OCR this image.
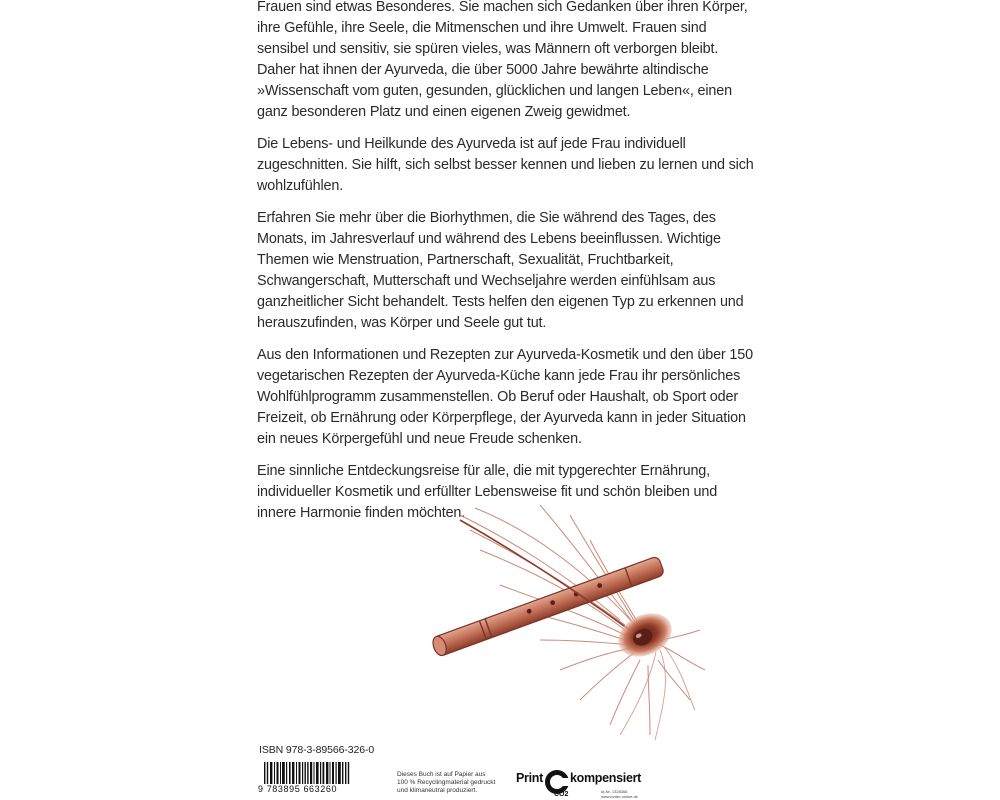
Frauen sind etwas Besonderes. Sie machen sich Gedanken über ihren Körper, ihre Gefühle, ihre Seele, die Mitmenschen und ihre Umwelt. Frauen sind sensibel und sensitiv, sie spüren vieles, was Männern oft verborgen bleibt. Daher hat ihnen der Ayurveda, die über 5000 Jahre bewährte altindische »Wissenschaft vom guten, gesunden, glücklichen und langen Leben«, einen ganz besonderen Platz und einen eigenen Zweig gewidmet.

Die Lebens- und Heilkunde des Ayurveda ist auf jede Frau individuell zugeschnitten. Sie hilft, sich selbst besser kennen und lieben zu lernen und sich wohlzufühlen.

Erfahren Sie mehr über die Biorhythmen, die Sie während des Tages, des Monats, im Jahresverlauf und während des Lebens beeinflussen. Wichtige Themen wie Menstruation, Partnerschaft, Sexualität, Fruchtbarkeit, Schwangerschaft, Mutterschaft und Wechseljahre werden einfühlsam aus ganzheitlicher Sicht behandelt. Tests helfen den eigenen Typ zu erkennen und herauszufinden, was Körper und Seele gut tut.

Aus den Informationen und Rezepten zur Ayurveda-Kosmetik und den über 150 vegetarischen Rezepten der Ayurveda-Küche kann jede Frau ihr persönliches Wohlfühlprogramm zusammenstellen. Ob Beruf oder Haushalt, ob Sport oder Freizeit, ob Ernährung oder Körperpflege, der Ayurveda kann in jeder Situation ein neues Körpergefühl und neue Freude schenken.

Eine sinnliche Entdeckungsreise für alle, die mit typgerechter Ernährung, individueller Kosmetik und erfüllter Lebensweise fit und schön bleiben und innere Harmonie finden möchten.

ISBN 978-3-89566-326-0
9 783895 663260
Dieses Buch ist auf Papier aus
100 % Recyclingmaterial gedruckt
und klimaneutral produziert.
Print
CO2
kompensiert
Id-Nr. 1328366
www.bvdm-online.de
